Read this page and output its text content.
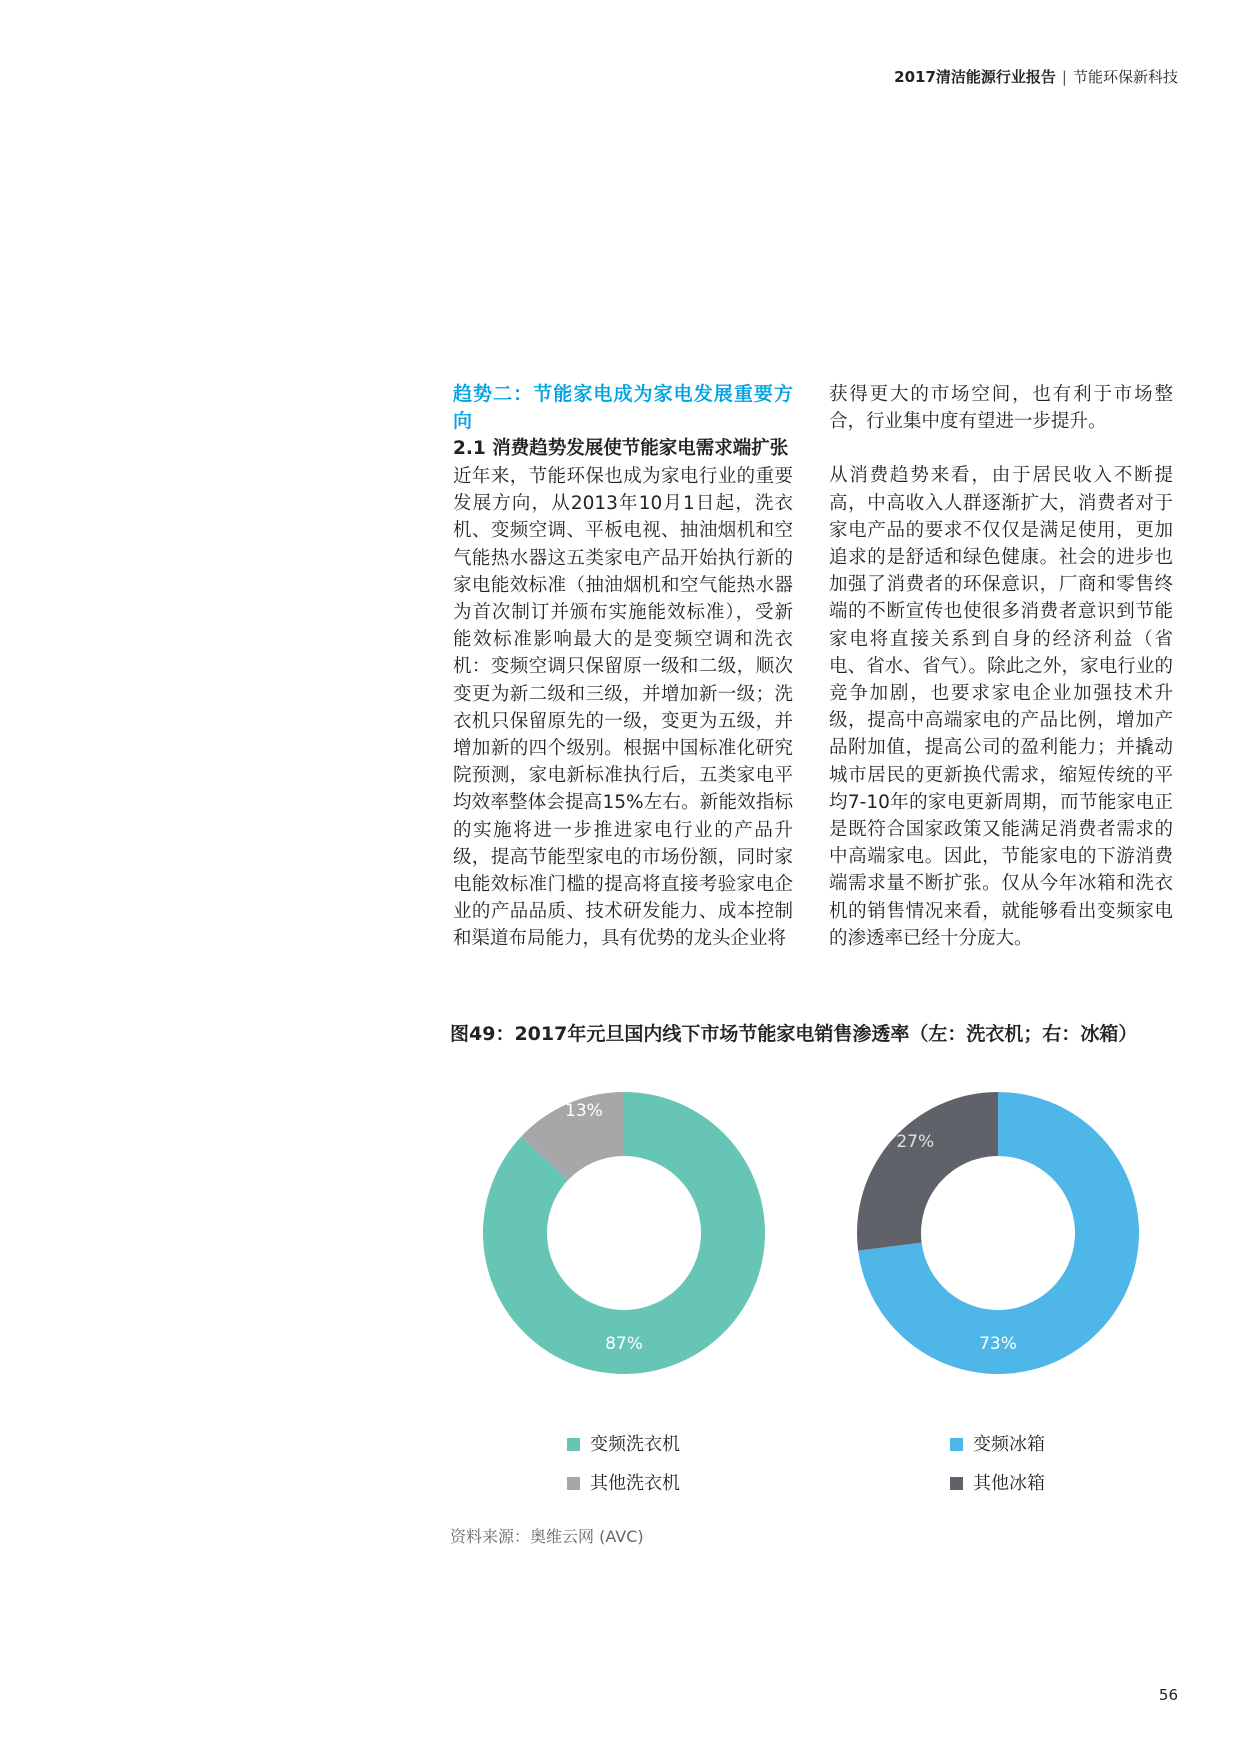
2017清洁能源行业报告 | 节能环保新科技

趋势二：节能家电成为家电发展重要方向

2.1 消费趋势发展使节能家电需求端扩张

近年来，节能环保也成为家电行业的重要发展方向，从2013年10月1日起，洗衣机、变频空调、平板电视、抽油烟机和空气能热水器这五类家电产品开始执行新的家电能效标准（抽油烟机和空气能热水器为首次制订并颁布实施能效标准），受新能效标准影响最大的是变频空调和洗衣机：变频空调只保留原一级和二级，顺次变更为新二级和三级，并增加新一级；洗衣机只保留原先的一级，变更为五级，并增加新的四个级别。根据中国标准化研究院预测，家电新标准执行后，五类家电平均效率整体会提高15%左右。新能效指标的实施将进一步推进家电行业的产品升级，提高节能型家电的市场份额，同时家电能效标准门槛的提高将直接考验家电企业的产品品质、技术研发能力、成本控制和渠道布局能力，具有优势的龙头企业将

获得更大的市场空间，也有利于市场整合，行业集中度有望进一步提升。

从消费趋势来看，由于居民收入不断提高，中高收入人群逐渐扩大，消费者对于家电产品的要求不仅仅是满足使用，更加追求的是舒适和绿色健康。社会的进步也加强了消费者的环保意识，厂商和零售终端的不断宣传也使很多消费者意识到节能家电将直接关系到自身的经济利益（省电、省水、省气）。除此之外，家电行业的竞争加剧，也要求家电企业加强技术升级，提高中高端家电的产品比例，增加产品附加值，提高公司的盈利能力；并撬动城市居民的更新换代需求，缩短传统的平均7-10年的家电更新周期，而节能家电正是既符合国家政策又能满足消费者需求的中高端家电。因此，节能家电的下游消费端需求量不断扩张。仅从今年冰箱和洗衣机的销售情况来看，就能够看出变频家电的渗透率已经十分庞大。

图49：2017年元旦国内线下市场节能家电销售渗透率（左：洗衣机；右：冰箱）
87%
13%
73%
27%
变频洗衣机
其他洗衣机
变频冰箱
其他冰箱
资料来源：奥维云网 (AVC)
56
